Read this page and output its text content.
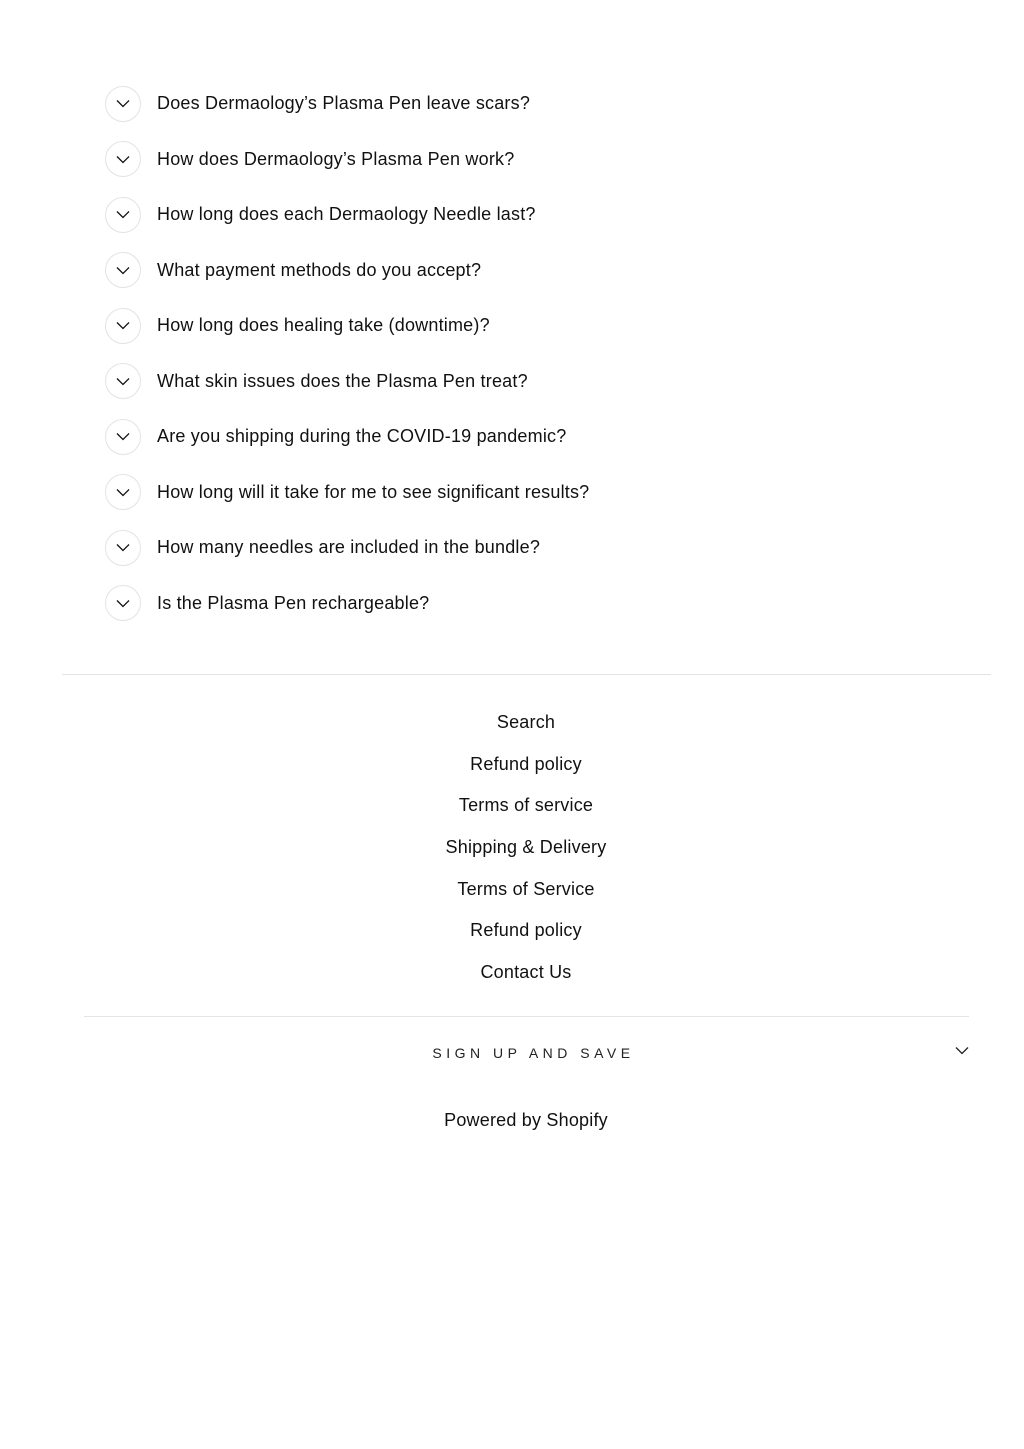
Does Dermaology’s Plasma Pen leave scars?
How does Dermaology’s Plasma Pen work?
How long does each Dermaology Needle last?
What payment methods do you accept?
How long does healing take (downtime)?
What skin issues does the Plasma Pen treat?
Are you shipping during the COVID-19 pandemic?
How long will it take for me to see significant results?
How many needles are included in the bundle?
Is the Plasma Pen rechargeable?
Search
Refund policy
Terms of service
Shipping & Delivery
Terms of Service
Refund policy
Contact Us
SIGN UP AND SAVE
Powered by Shopify
